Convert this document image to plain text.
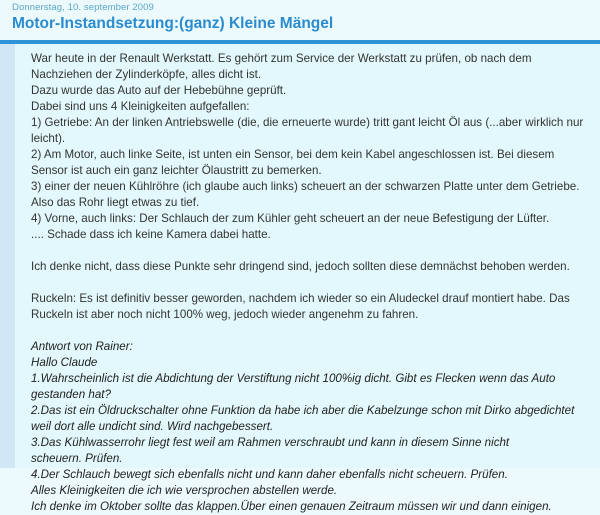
Donnerstag, 10. september 2009
Motor-Instandsetzung:(ganz) Kleine Mängel

War heute in der Renault Werkstatt. Es gehört zum Service der Werkstatt zu prüfen, ob nach dem

Nachziehen der Zylinderköpfe, alles dicht ist.

Dazu wurde das Auto auf der Hebebühne geprüft.

Dabei sind uns 4 Kleinigkeiten aufgefallen:

1) Getriebe: An der linken Antriebswelle (die, die erneuerte wurde) tritt gant leicht Öl aus (...aber wirklich nur

leicht).

2) Am Motor, auch linke Seite, ist unten ein Sensor, bei dem kein Kabel angeschlossen ist. Bei diesem

Sensor ist auch ein ganz leichter Ölaustritt zu bemerken.

3) einer der neuen Kühlröhre (ich glaube auch links) scheuert an der schwarzen Platte unter dem Getriebe.

Also das Rohr liegt etwas zu tief.

4) Vorne, auch links: Der Schlauch der zum Kühler geht scheuert an der neue Befestigung der Lüfter.

.... Schade dass ich keine Kamera dabei hatte.

Ich denke nicht, dass diese Punkte sehr dringend sind, jedoch sollten diese demnächst behoben werden.

Ruckeln: Es ist definitiv besser geworden, nachdem ich wieder so ein Aludeckel drauf montiert habe. Das

Ruckeln ist aber noch nicht 100% weg, jedoch wieder angenehm zu fahren.

Antwort von Rainer:

Hallo Claude

1.Wahrscheinlich ist die Abdichtung der Verstiftung nicht 100%ig dicht. Gibt es Flecken wenn das Auto

gestanden hat?

2.Das ist ein Öldruckschalter ohne Funktion da habe ich aber die Kabelzunge schon mit Dirko abgedichtet

weil dort alle undicht sind. Wird nachgebessert.

3.Das Kühlwasserrohr liegt fest weil am Rahmen verschraubt und kann in diesem Sinne nicht

scheuern. Prüfen.

4.Der Schlauch bewegt sich ebenfalls nicht und kann daher ebenfalls nicht scheuern. Prüfen.

Alles Kleinigkeiten die ich wie versprochen abstellen werde.

Ich denke im Oktober sollte das klappen.Über einen genauen Zeitraum müssen wir und dann einigen.
